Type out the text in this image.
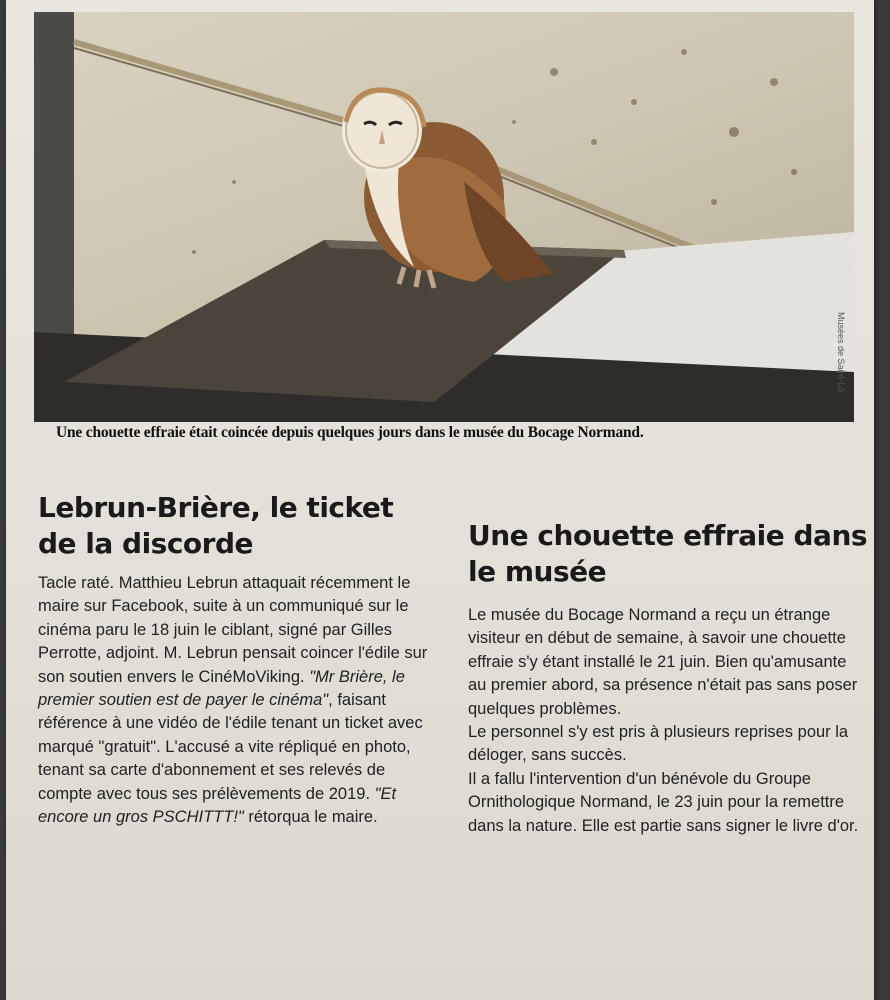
Musées de Saint-Lô
Une chouette effraie était coincée depuis quelques jours dans le musée du Bocage Normand.
Lebrun-Brière, le ticket de la discorde

Tacle raté. Matthieu Lebrun attaquait récemment le maire sur Facebook, suite à un communiqué sur le cinéma paru le 18 juin le ciblant, signé par Gilles Perrotte, adjoint. M. Lebrun pensait coincer l'édile sur son soutien envers le CinéMoViking. "Mr Brière, le premier soutien est de payer le cinéma", faisant référence à une vidéo de l'édile tenant un ticket avec marqué "gratuit". L'accusé a vite répliqué en photo, tenant sa carte d'abonnement et ses relevés de compte avec tous ses prélèvements de 2019. "Et encore un gros PSCHITTT!" rétorqua le maire.

Une chouette effraie dans le musée

Le musée du Bocage Normand a reçu un étrange visiteur en début de semaine, à savoir une chouette effraie s'y étant installé le 21 juin. Bien qu'amusante au premier abord, sa présence n'était pas sans poser quelques problèmes.

Le personnel s'y est pris à plusieurs reprises pour la déloger, sans succès.

Il a fallu l'intervention d'un bénévole du Groupe Ornithologique Normand, le 23 juin pour la remettre dans la nature. Elle est partie sans signer le livre d'or.
